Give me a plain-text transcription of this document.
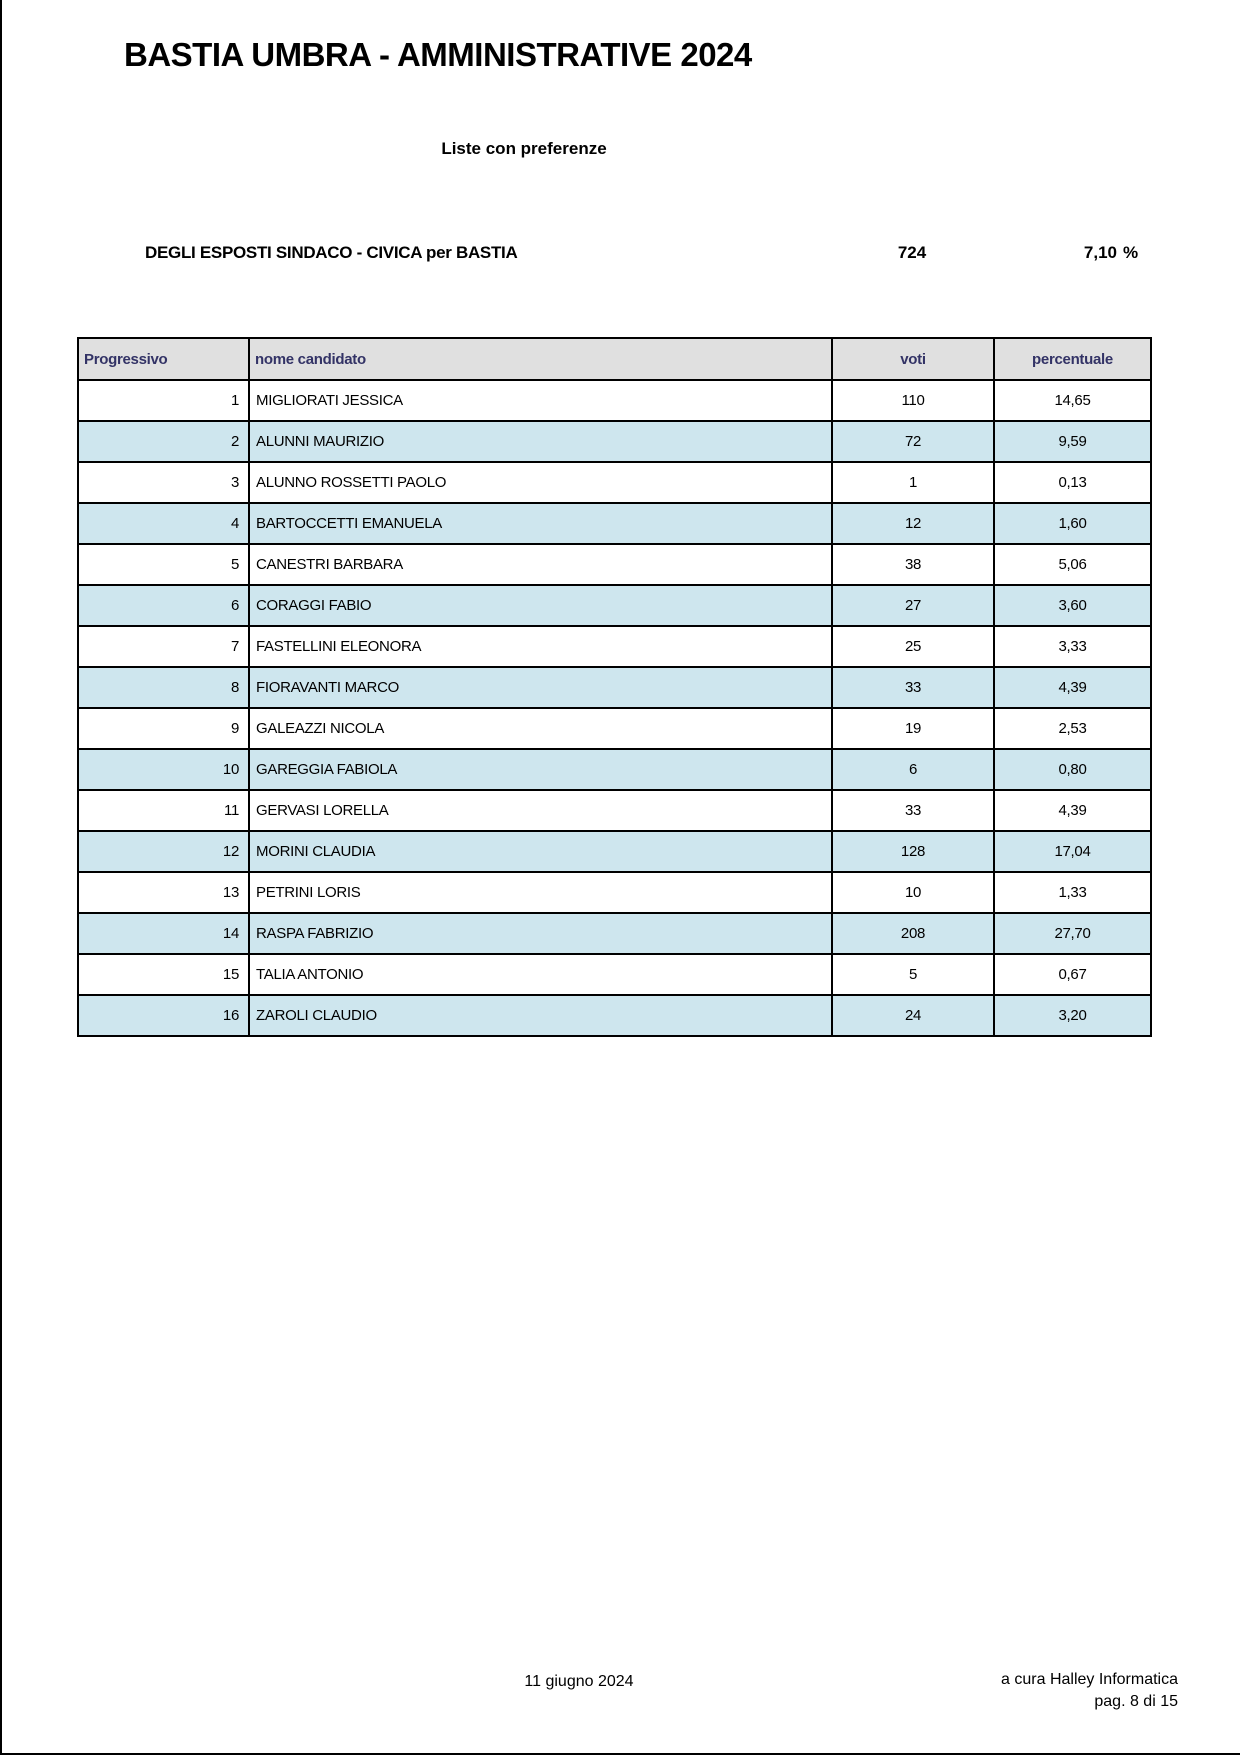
BASTIA UMBRA - AMMINISTRATIVE 2024
Liste con preferenze
DEGLI ESPOSTI SINDACO - CIVICA per BASTIA	724	7,10 %
Progressivo	nome candidato	voti	percentuale
1	MIGLIORATI JESSICA	110	14,65
2	ALUNNI MAURIZIO	72	9,59
3	ALUNNO ROSSETTI PAOLO	1	0,13
4	BARTOCCETTI EMANUELA	12	1,60
5	CANESTRI BARBARA	38	5,06
6	CORAGGI FABIO	27	3,60
7	FASTELLINI ELEONORA	25	3,33
8	FIORAVANTI MARCO	33	4,39
9	GALEAZZI NICOLA	19	2,53
10	GAREGGIA FABIOLA	6	0,80
11	GERVASI LORELLA	33	4,39
12	MORINI CLAUDIA	128	17,04
13	PETRINI LORIS	10	1,33
14	RASPA FABRIZIO	208	27,70
15	TALIA ANTONIO	5	0,67
16	ZAROLI CLAUDIO	24	3,20
11 giugno 2024	a cura Halley Informatica
pag. 8 di 15
